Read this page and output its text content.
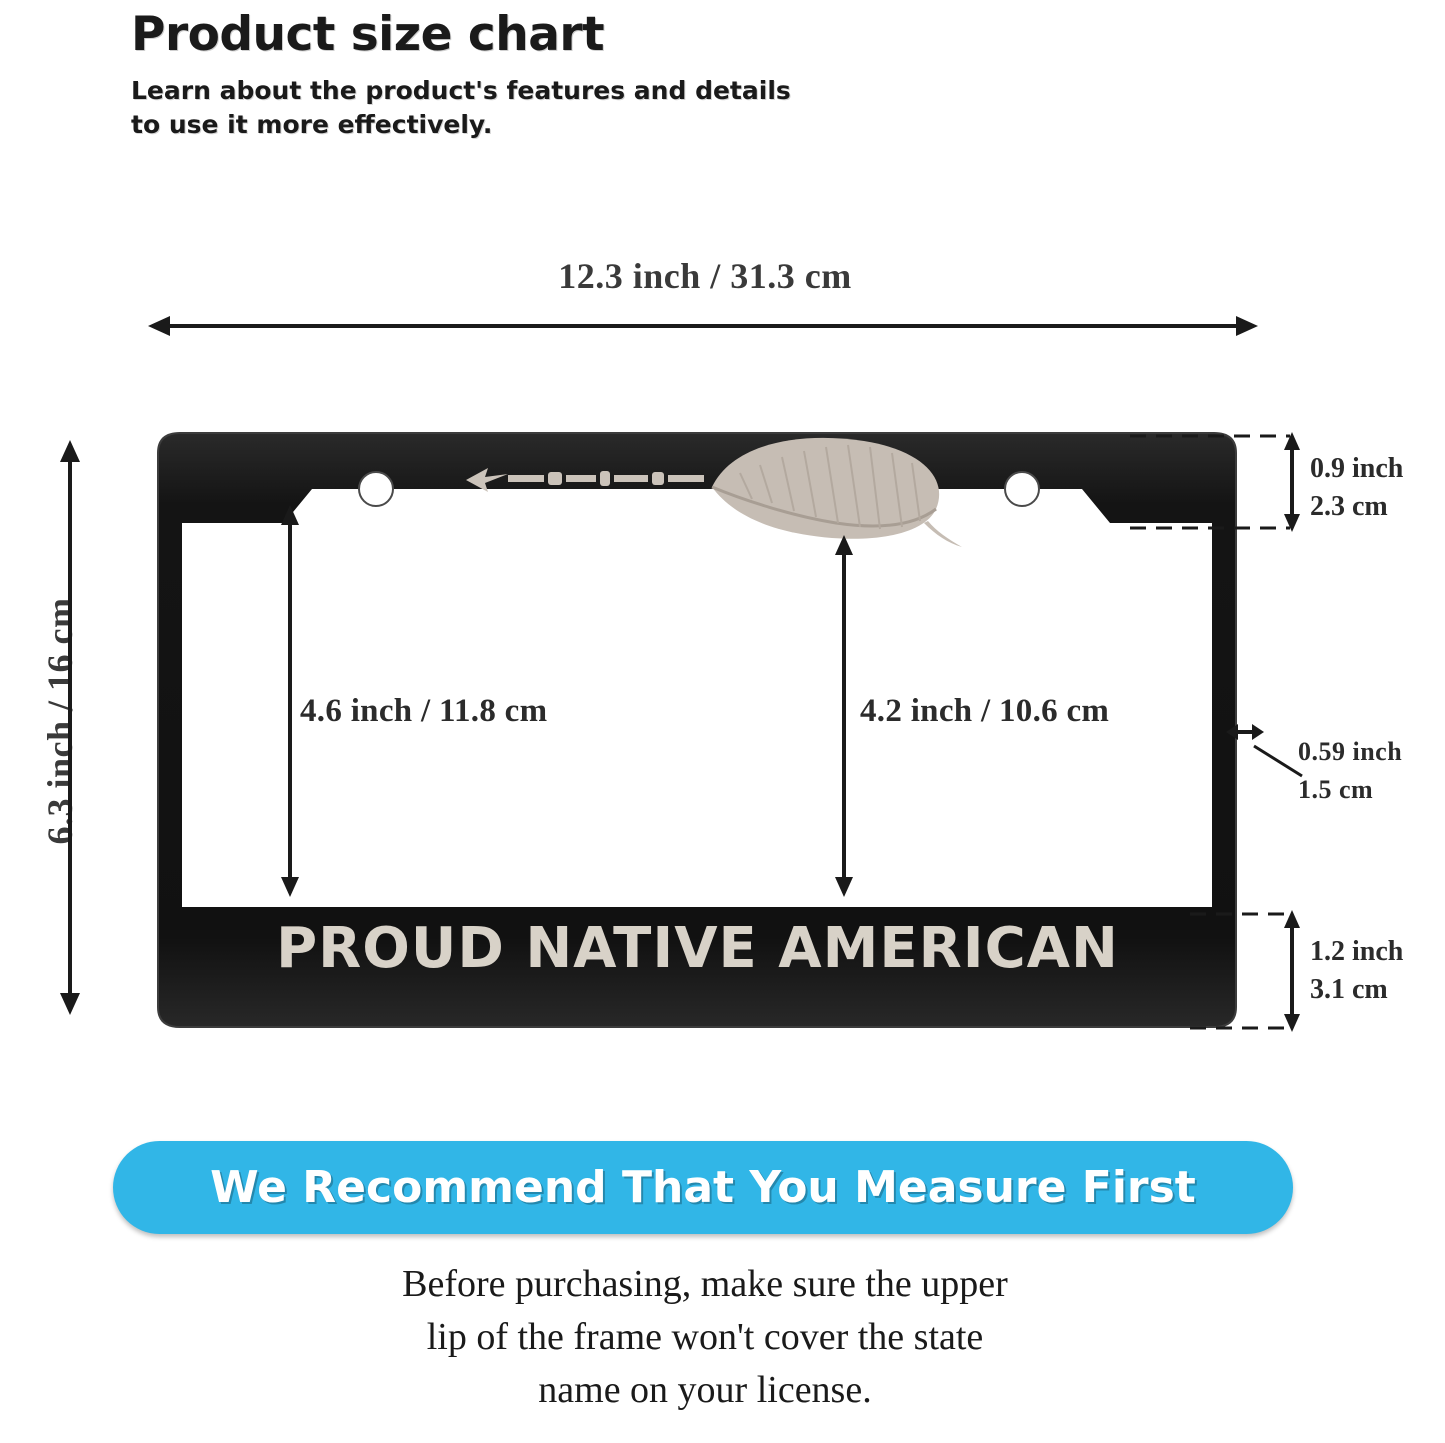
Product size chart
Learn about the product's features and details
to use it more effectively.
12.3 inch / 31.3 cm
6.3 inch / 16 cm
PROUD NATIVE AMERICAN
4.6 inch / 11.8 cm	4.2 inch / 10.6 cm
0.9 inch
2.3 cm
0.59 inch
1.5 cm
1.2 inch
3.1 cm
We Recommend That You Measure First
Before purchasing, make sure the upper
lip of the frame won't cover the state
name on your license.
